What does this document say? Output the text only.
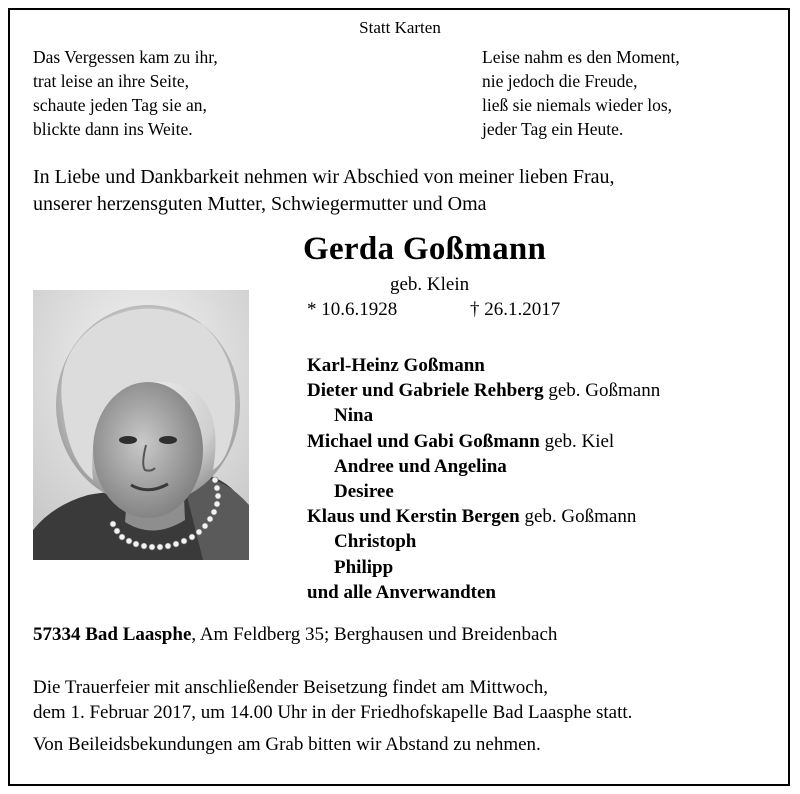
Statt Karten
Das Vergessen kam zu ihr,
trat leise an ihre Seite,
schaute jeden Tag sie an,
blickte dann ins Weite.
Leise nahm es den Moment,
nie jedoch die Freude,
ließ sie niemals wieder los,
jeder Tag ein Heute.
In Liebe und Dankbarkeit nehmen wir Abschied von meiner lieben Frau,
unserer herzensguten Mutter, Schwiegermutter und Oma
Gerda Goßmann
geb. Klein
* 10.6.1928	† 26.1.2017
Karl-Heinz Goßmann
Dieter und Gabriele Rehberg geb. Goßmann
Nina
Michael und Gabi Goßmann geb. Kiel
Andree und Angelina
Desiree
Klaus und Kerstin Bergen geb. Goßmann
Christoph
Philipp
und alle Anverwandten
57334 Bad Laasphe, Am Feldberg 35; Berghausen und Breidenbach
Die Trauerfeier mit anschließender Beisetzung findet am Mittwoch,
dem 1. Februar 2017, um 14.00 Uhr in der Friedhofskapelle Bad Laasphe statt.
Von Beileidsbekundungen am Grab bitten wir Abstand zu nehmen.
